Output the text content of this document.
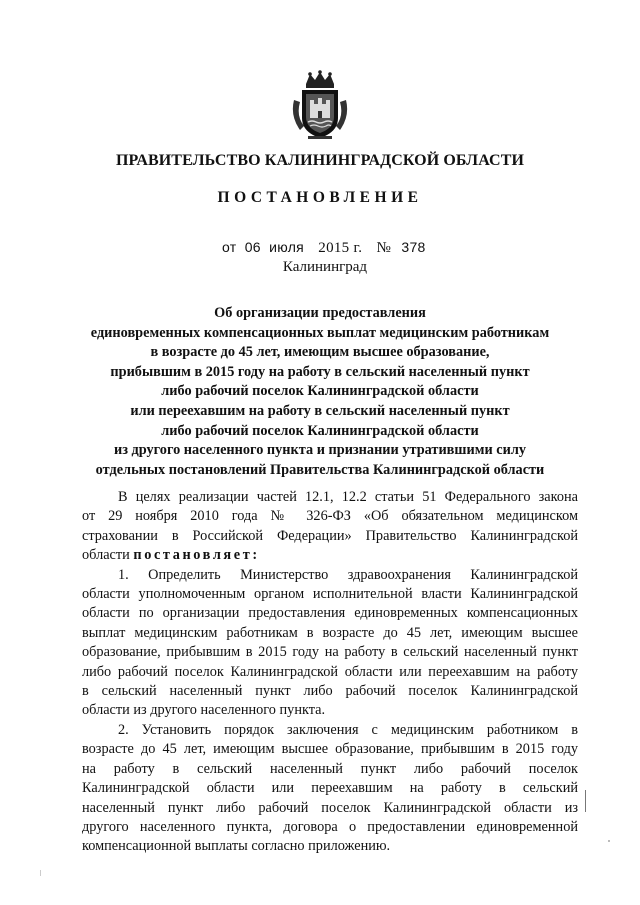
ПРАВИТЕЛЬСТВО КАЛИНИНГРАДСКОЙ ОБЛАСТИ
ПОСТАНОВЛЕНИЕ
от 06 июля 2015 г. № 378
Калининград
Об организации предоставления
единовременных компенсационных выплат медицинским работникам
в возрасте до 45 лет, имеющим высшее образование,
прибывшим в 2015 году на работу в сельский населенный пункт
либо рабочий поселок Калининградской области
или переехавшим на работу в сельский населенный пункт
либо рабочий поселок Калининградской области
из другого населенного пункта и признании утратившими силу
отдельных постановлений Правительства Калининградской области
В целях реализации частей 12.1, 12.2 статьи 51 Федерального закона
от 29 ноября 2010 года № 326-ФЗ «Об обязательном медицинском
страховании в Российской Федерации» Правительство Калининградской
области постановляет:
1. Определить Министерство здравоохранения Калининградской
области уполномоченным органом исполнительной власти Калининградской
области по организации предоставления единовременных компенсационных
выплат медицинским работникам в возрасте до 45 лет, имеющим высшее
образование, прибывшим в 2015 году на работу в сельский населенный пункт
либо рабочий поселок Калининградской области или переехавшим на работу
в сельский населенный пункт либо рабочий поселок Калининградской
области из другого населенного пункта.
2. Установить порядок заключения с медицинским работником в
возрасте до 45 лет, имеющим высшее образование, прибывшим в 2015 году
на работу в сельский населенный пункт либо рабочий поселок
Калининградской области или переехавшим на работу в сельский
населенный пункт либо рабочий поселок Калининградской области из
другого населенного пункта, договора о предоставлении единовременной
компенсационной выплаты согласно приложению.
